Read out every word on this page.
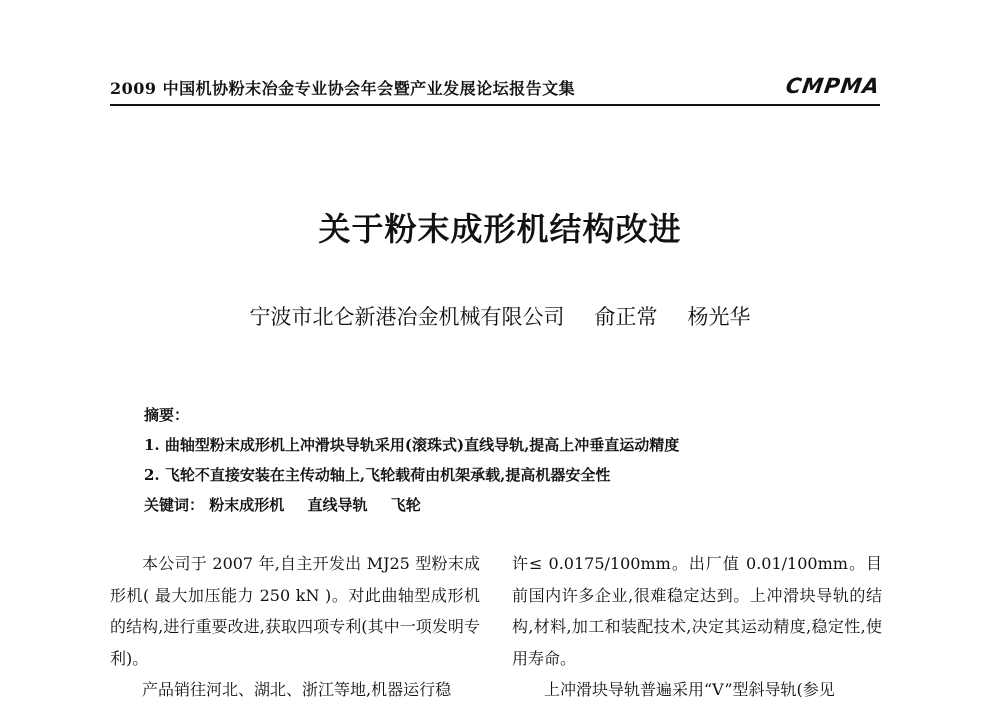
2009 中国机协粉末冶金专业协会年会暨产业发展论坛报告文集	CMPMA
关于粉末成形机结构改进
宁波市北仑新港冶金机械有限公司 俞正常 杨光华
摘要：
1. 曲轴型粉末成形机上冲滑块导轨采用(滚珠式)直线导轨,提高上冲垂直运动精度
2. 飞轮不直接安装在主传动轴上,飞轮载荷由机架承载,提高机器安全性
关键词： 粉末成形机 直线导轨 飞轮

本公司于 2007 年,自主开发出 MJ25 型粉末成形机( 最大加压能力 250 kN )。对此曲轴型成形机的结构,进行重要改进,获取四项专利(其中一项发明专利)。

产品销往河北、湖北、浙江等地,机器运行稳

许≤ 0.0175/100mm。出厂值 0.01/100mm。目前国内许多企业,很难稳定达到。上冲滑块导轨的结构,材料,加工和装配技术,决定其运动精度,稳定性,使用寿命。

上冲滑块导轨普遍采用“V”型斜导轨(参见
